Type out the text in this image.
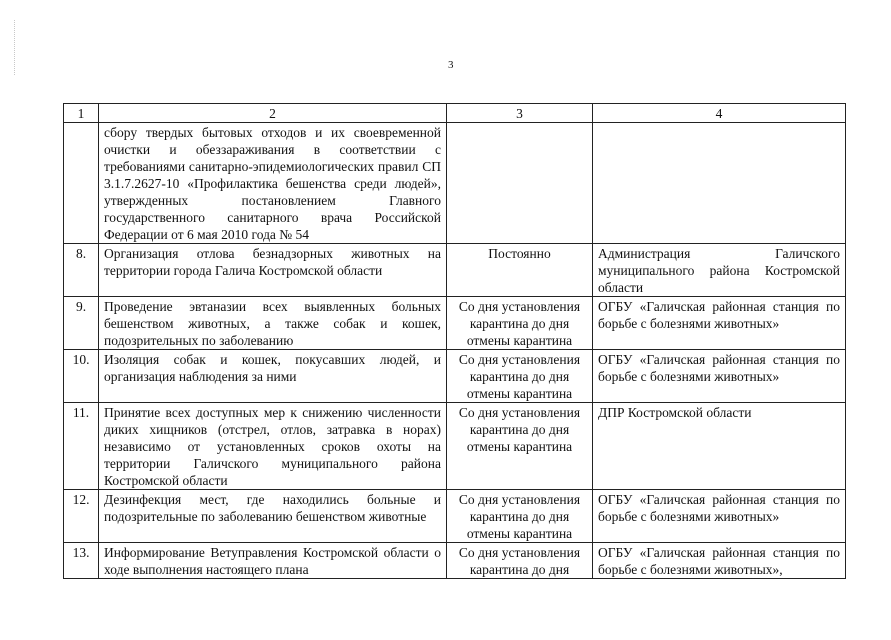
3
1	2	3	4

	сбору твердых бытовых отходов и их своевременной очистки и обеззараживания в соответствии с требованиями санитарно-эпидемиологических правил СП 3.1.7.2627-10 «Профилактика бешенства среди людей», утвержденных постановлением Главного государственного санитарного врача Российской Федерации от 6 мая 2010 года № 54		

8.	Организация отлова безнадзорных животных на территории города Галича Костромской области	Постоянно	Администрация Галичского муниципального района Костромской области

9.	Проведение эвтаназии всех выявленных больных бешенством животных, а также собак и кошек, подозрительных по заболеванию	Со дня установления карантина до дня отмены карантина	ОГБУ «Галичская районная станция по борьбе с болезнями животных»

10.	Изоляция собак и кошек, покусавших людей, и организация наблюдения за ними	Со дня установления карантина до дня отмены карантина	ОГБУ «Галичская районная станция по борьбе с болезнями животных»

11.	Принятие всех доступных мер к снижению численности диких хищников (отстрел, отлов, затравка в норах) независимо от установленных сроков охоты на территории Галичского муниципального района Костромской области	Со дня установления карантина до дня отмены карантина	ДПР Костромской области

12.	Дезинфекция мест, где находились больные и подозрительные по заболеванию бешенством животные	Со дня установления карантина до дня отмены карантина	ОГБУ «Галичская районная станция по борьбе с болезнями животных»

13.	Информирование Ветуправления Костромской области о ходе выполнения настоящего плана	Со дня установления карантина до дня	ОГБУ «Галичская районная станция по борьбе с болезнями животных»,
